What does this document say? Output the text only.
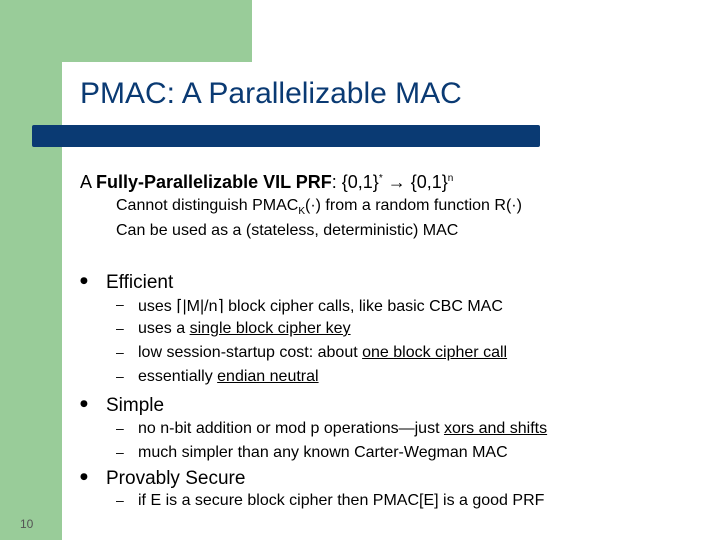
PMAC: A Parallelizable MAC
A Fully-Parallelizable VIL PRF: $\{0,1\}^* \to \{0,1\}^n$
Cannot distinguish $PMAC_K(\cdot)$ from a random function R(·)
Can be used as a (stateless, deterministic) MAC
● Efficient
– uses ⌈|M|/n⌉ block cipher calls, like basic CBC MAC
– uses a single block cipher key
– low session-startup cost: about one block cipher call
– essentially endian neutral
● Simple
– no n-bit addition or mod p operations—just xors and shifts
– much simpler than any known Carter-Wegman MAC
● Provably Secure
– if E is a secure block cipher then PMAC[E] is a good PRF
10
